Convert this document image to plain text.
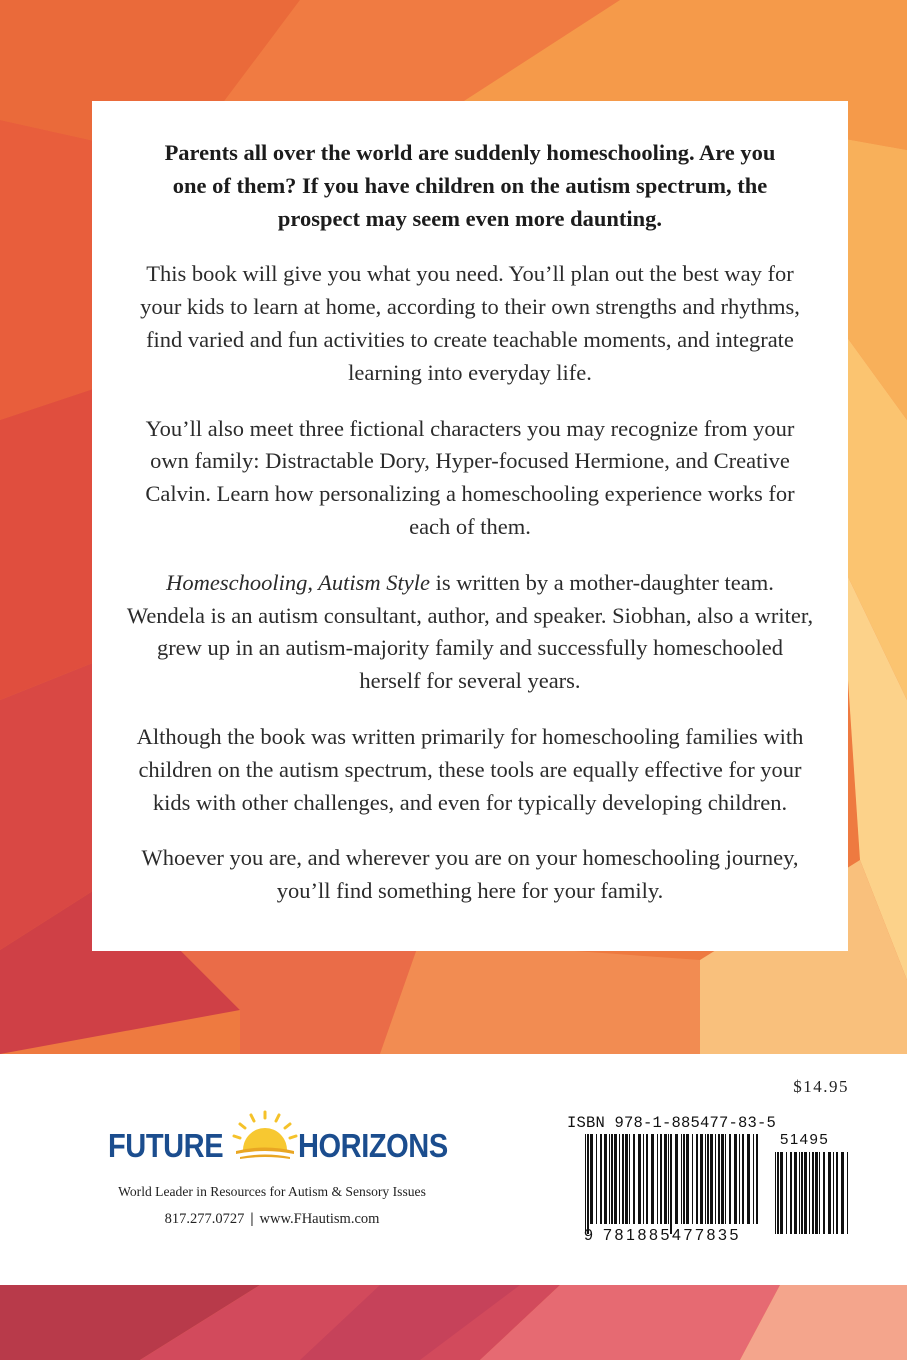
Parents all over the world are suddenly homeschooling. Are you
one of them? If you have children on the autism spectrum, the
prospect may seem even more daunting.

This book will give you what you need. You’ll plan out the best way for your kids to learn at home, according to their own strengths and rhythms, find varied and fun activities to create teachable moments, and integrate learning into everyday life.

You’ll also meet three fictional characters you may recognize from your own family: Distractable Dory, Hyper-focused Hermione, and Creative Calvin. Learn how personalizing a homeschooling experience works for each of them.

Homeschooling, Autism Style is written by a mother-daughter team. Wendela is an autism consultant, author, and speaker. Siobhan, also a writer, grew up in an autism-majority family and successfully homeschooled herself for several years.

Although the book was written primarily for homeschooling families with children on the autism spectrum, these tools are equally effective for your kids with other challenges, and even for typically developing children.

Whoever you are, and wherever you are on your homeschooling journey, you’ll find something here for your family.

FUTURE HORIZONS
World Leader in Resources for Autism & Sensory Issues
817.277.0727 | www.FHautism.com
$14.95
ISBN 978-1-885477-83-5
9 781885477835
51495
